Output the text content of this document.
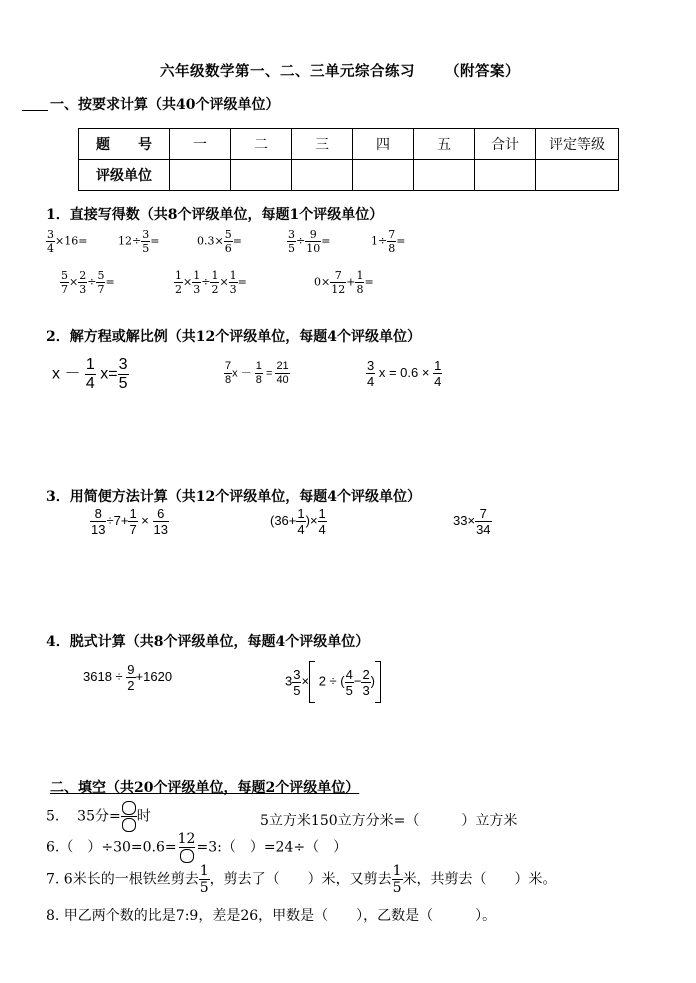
六年级数学第一、二、三单元综合练习 （附答案）
一、按要求计算（共40个评级单位）
题　　号	一	二	三	四	五	合计	评定等级
评级单位							
1．直接写得数（共8个评级单位，每题1个评级单位）
$\frac{3}{4} \times 16=$	$12\div \frac{3}{5}$ =	$0.3\times \frac{5}{6}$ =	$\frac{3}{5} \div \frac{9}{10}$ =	$1\div \frac{7}{8}$ =
$\frac{5}{7} \times \frac{2}{3} \div \frac{5}{7}$ =	$\frac{1}{2} \times \frac{1}{3} \div \frac{1}{2} \times \frac{1}{3}$ =	$0\times \frac{7}{12} + \frac{1}{8}$ =
2．解方程或解比例（共12个评级单位，每题4个评级单位）
$x - \frac{1}{4} x= \frac{3}{5}$	$\frac{7}{8}$ $x - \frac{1}{8} = \frac{21}{40}$	$\frac{3}{4}$ $x = 0.6 \times \frac{1}{4}$
3．用简便方法计算（共12个评级单位，每题4个评级单位）
$\frac{8}{13} \div 7+ \frac{1}{7} \times \frac{6}{13}$	($36+ \frac{1}{4}$ )× $\frac{1}{4}$	$33\times \frac{7}{34}$
4．脱式计算（共8个评级单位，每题4个评级单位）
$3618 \div \frac{9}{2} +1620$	$3 \frac{3}{5} \times 2$ ÷ ( $\frac{4}{5} - \frac{2}{3}$ )
二、填空（共20个评级单位，每题2个评级单位）
5. 35分= 时	5立方米150立方分米=（　　　）立方米
6.（　）÷30=0.6=
12
=3:（　）=24÷（　）
7. 6米长的一根铁丝剪去 $\frac{1}{5}$ ，剪去了（　　）米，又剪去 $\frac{1}{5}$ 米，共剪去（　　）米。
8. 甲乙两个数的比是7:9，差是26，甲数是（　　），乙数是（　　　）。
